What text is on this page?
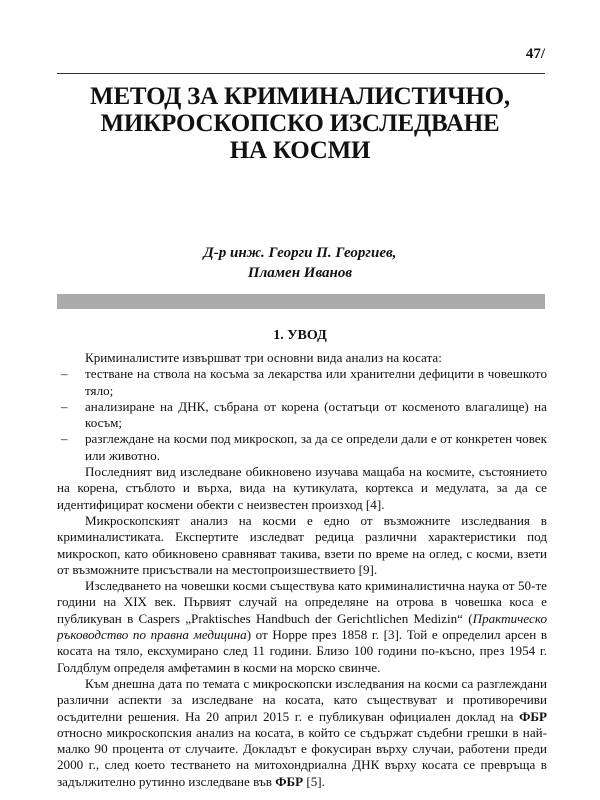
47/
МЕТОД ЗА КРИМИНАЛИСТИЧНО,
МИКРОСКОПСКО ИЗСЛЕДВАНЕ
НА КОСМИ
Д-р инж. Георги П. Георгиев,
Пламен Иванов
1. УВОД

Криминалистите извършват три основни вида анализ на косата:

– тестване на ствола на косъма за лекарства или хранителни дефицити в човешкото тяло;
– анализиране на ДНК, събрана от корена (остатъци от космeното влагалище) на косъм;
– разглеждане на косми под микроскоп, за да се определи дали е от конкретен човек или животно.

Последният вид изследване обикновено изучава мащаба на космите, състоянието на корена, стъблото и върха, вида на кутикулата, кортекса и медулата, за да се идентифицират космени обекти с неизвестен произход [4].

Микроскопският анализ на косми е едно от възможните изследвания в криминалистиката. Експертите изследват редица различни характеристики под микроскоп, като обикновено сравняват такива, взети по време на оглед, с косми, взети от възможните присъствали на местопроизшествието [9].

Изследването на човешки косми съществува като криминалистична наука от 50-те години на XIX век. Първият случай на определяне на отрова в човешка коса е публикуван в Caspers „Praktisches Handbuch der Gerichtlichen Medizin“ (Практическо ръководство по правна медицина) от Hoppe през 1858 г. [3]. Той е определил арсен в косата на тяло, ексхумирано след 11 години. Близо 100 години по-късно, през 1954 г. Голдблум определя амфетамин в косми на морско свинче.

Към днешна дата по темата с микроскопски изследвания на косми са разглеждани различни аспекти за изследване на косата, като съществуват и противоречиви осъдителни решения. На 20 април 2015 г. е публикуван официален доклад на ФБР относно микроскопския анализ на косата, в който се съдържат съдебни грешки в най-малко 90 процента от случаите. Докладът е фокусиран върху случаи, работени преди 2000 г., след което тестването на митохондриална ДНК върху косата се превръща в задължително рутинно изследване във ФБР [5].
